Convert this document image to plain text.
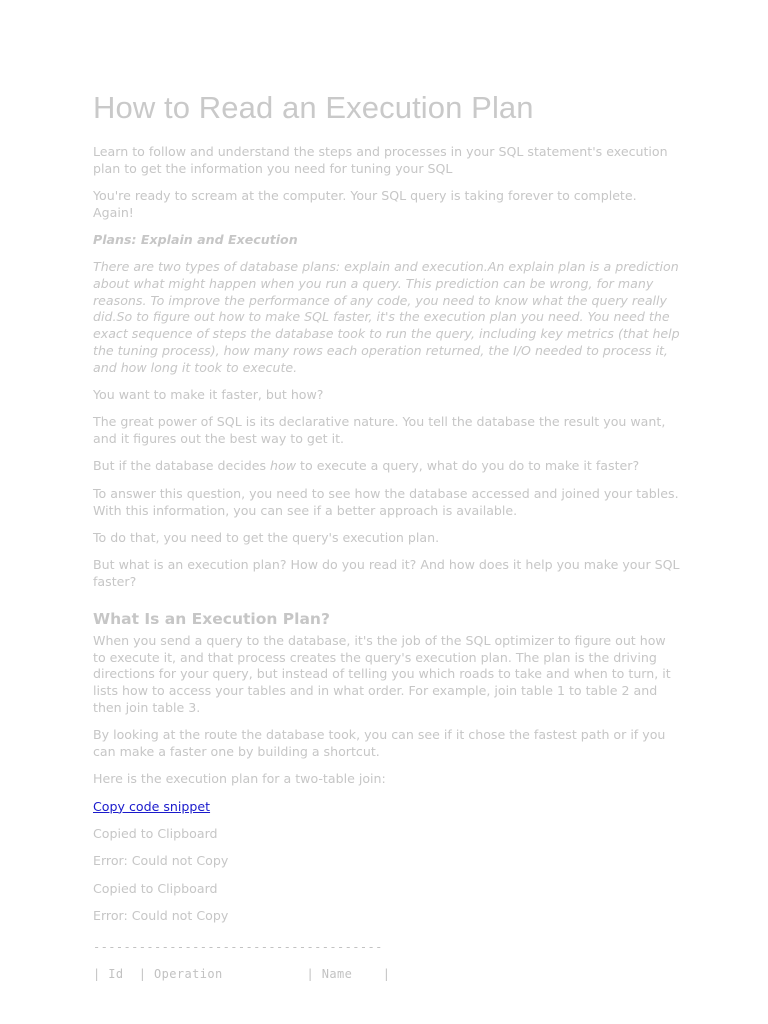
How to Read an Execution Plan

Learn to follow and understand the steps and processes in your SQL statement's execution plan to get the information you need for tuning your SQL

You're ready to scream at the computer. Your SQL query is taking forever to complete. Again!

Plans: Explain and Execution

There are two types of database plans: explain and execution.An explain plan is a prediction about what might happen when you run a query. This prediction can be wrong, for many reasons. To improve the performance of any code, you need to know what the query really did.So to figure out how to make SQL faster, it's the execution plan you need. You need the exact sequence of steps the database took to run the query, including key metrics (that help the tuning process), how many rows each operation returned, the I/O needed to process it, and how long it took to execute.

You want to make it faster, but how?

The great power of SQL is its declarative nature. You tell the database the result you want, and it figures out the best way to get it.

But if the database decides how to execute a query, what do you do to make it faster?

To answer this question, you need to see how the database accessed and joined your tables. With this information, you can see if a better approach is available.

To do that, you need to get the query's execution plan.

But what is an execution plan? How do you read it? And how does it help you make your SQL faster?

What Is an Execution Plan?

When you send a query to the database, it's the job of the SQL optimizer to figure out how to execute it, and that process creates the query's execution plan. The plan is the driving directions for your query, but instead of telling you which roads to take and when to turn, it lists how to access your tables and in what order. For example, join table 1 to table 2 and then join table 3.

By looking at the route the database took, you can see if it chose the fastest path or if you can make a faster one by building a shortcut.

Here is the execution plan for a two-table join:

Copy code snippet

Copied to Clipboard

Error: Could not Copy

Copied to Clipboard

Error: Could not Copy

--------------------------------------
| Id  | Operation           | Name    |
